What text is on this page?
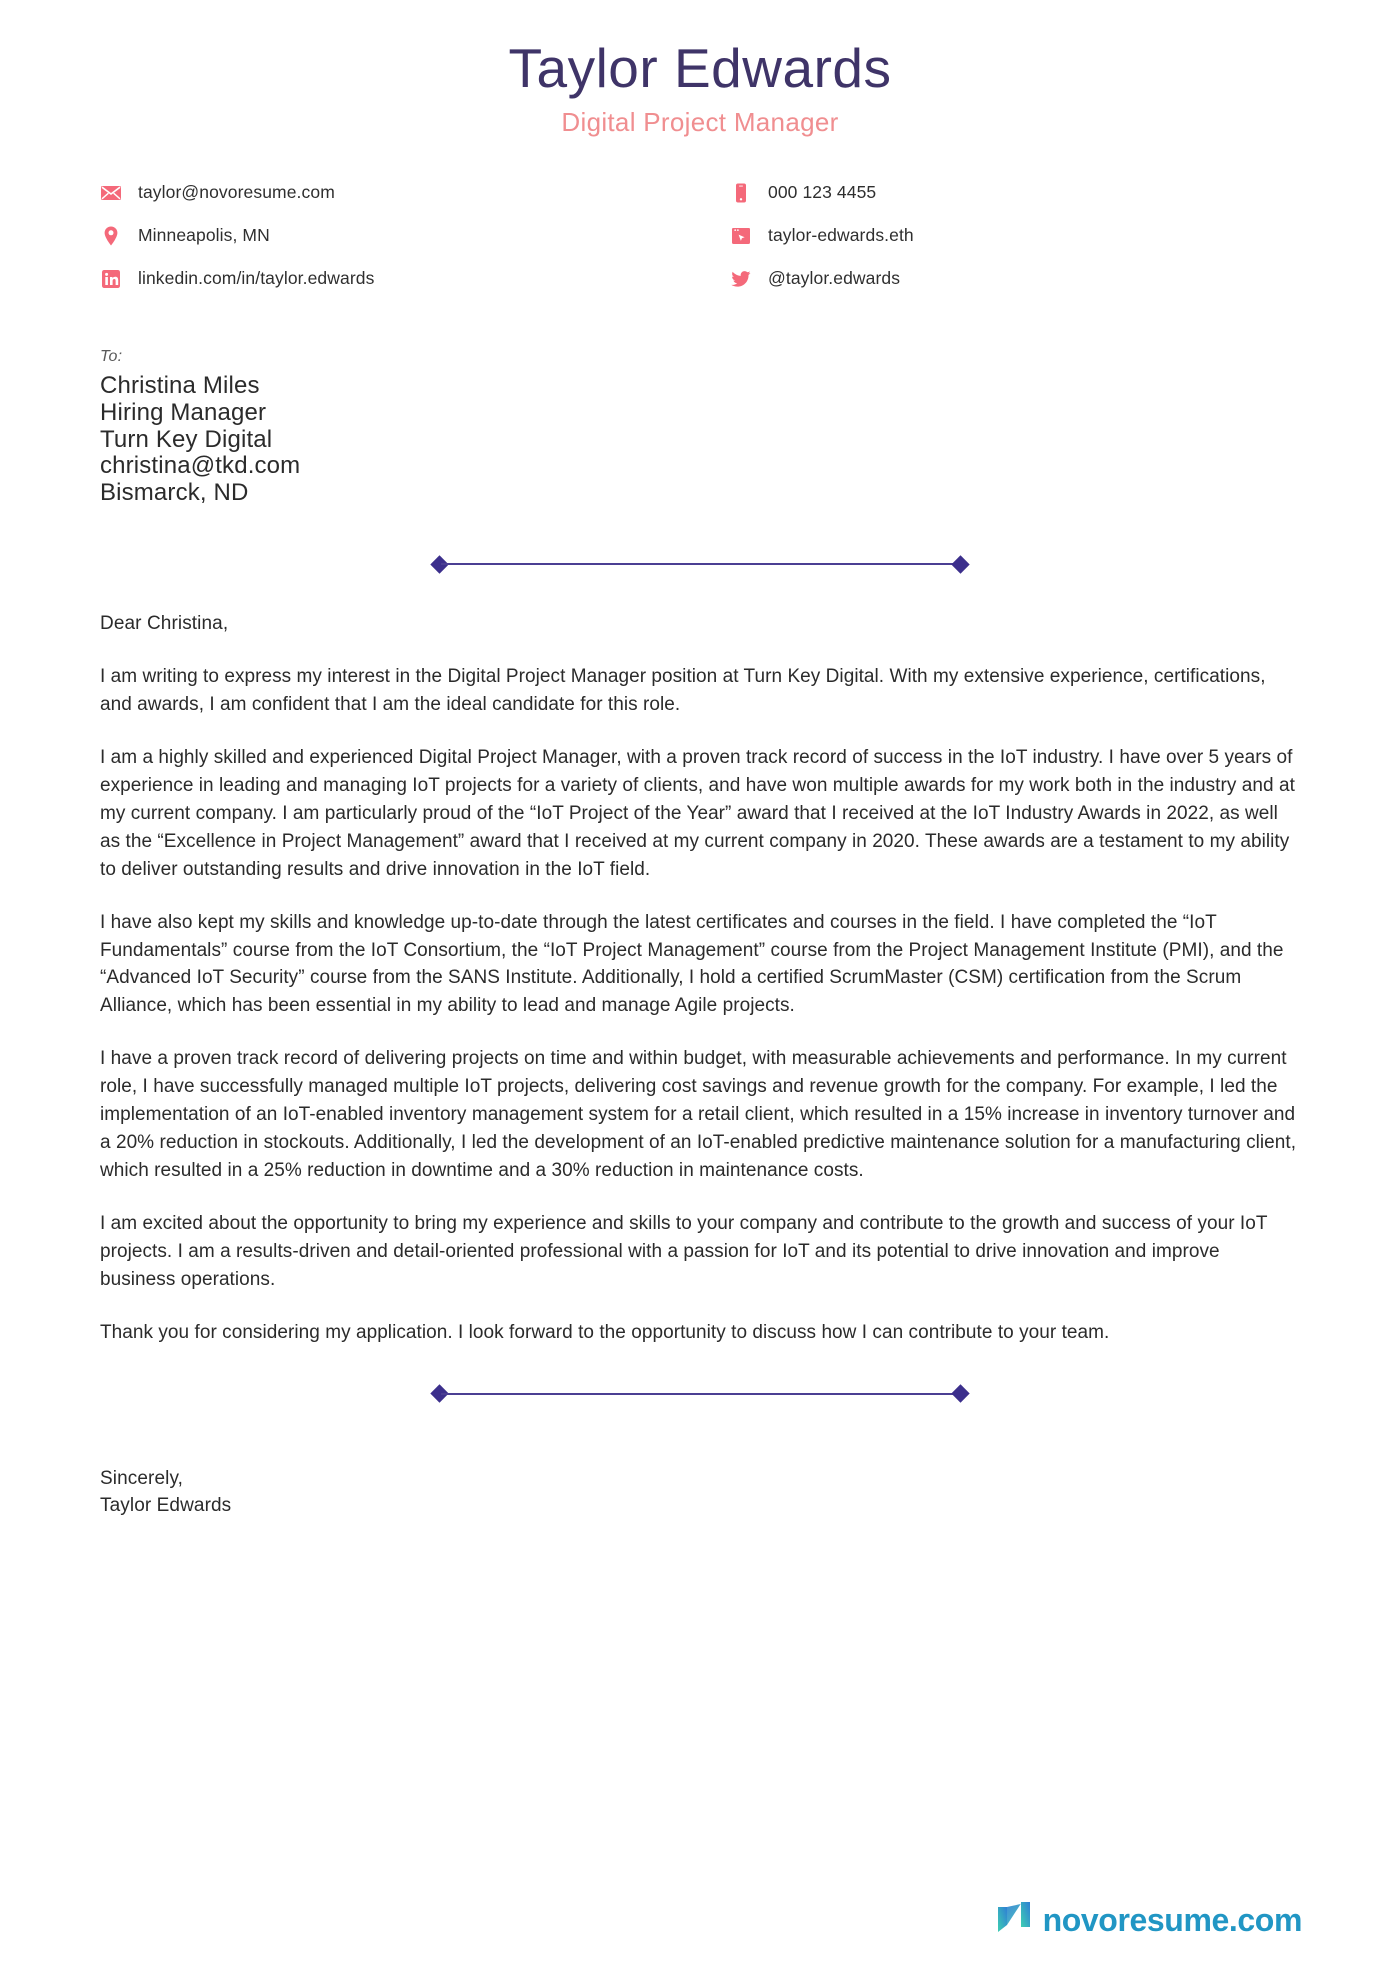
Taylor Edwards
Digital Project Manager
taylor@novoresume.com	000 123 4455
Minneapolis, MN	taylor-edwards.eth
linkedin.com/in/taylor.edwards	@taylor.edwards
To:
Christina Miles
Hiring Manager
Turn Key Digital
christina@tkd.com
Bismarck, ND
Dear Christina,

I am writing to express my interest in the Digital Project Manager position at Turn Key Digital. With my extensive experience, certifications, and awards, I am confident that I am the ideal candidate for this role.

I am a highly skilled and experienced Digital Project Manager, with a proven track record of success in the IoT industry. I have over 5 years of experience in leading and managing IoT projects for a variety of clients, and have won multiple awards for my work both in the industry and at my current company. I am particularly proud of the “IoT Project of the Year” award that I received at the IoT Industry Awards in 2022, as well as the “Excellence in Project Management” award that I received at my current company in 2020. These awards are a testament to my ability to deliver outstanding results and drive innovation in the IoT field.

I have also kept my skills and knowledge up-to-date through the latest certificates and courses in the field. I have completed the “IoT Fundamentals” course from the IoT Consortium, the “IoT Project Management” course from the Project Management Institute (PMI), and the “Advanced IoT Security” course from the SANS Institute. Additionally, I hold a certified ScrumMaster (CSM) certification from the Scrum Alliance, which has been essential in my ability to lead and manage Agile projects.

I have a proven track record of delivering projects on time and within budget, with measurable achievements and performance. In my current role, I have successfully managed multiple IoT projects, delivering cost savings and revenue growth for the company. For example, I led the implementation of an IoT-enabled inventory management system for a retail client, which resulted in a 15% increase in inventory turnover and a 20% reduction in stockouts. Additionally, I led the development of an IoT-enabled predictive maintenance solution for a manufacturing client, which resulted in a 25% reduction in downtime and a 30% reduction in maintenance costs.

I am excited about the opportunity to bring my experience and skills to your company and contribute to the growth and success of your IoT projects. I am a results-driven and detail-oriented professional with a passion for IoT and its potential to drive innovation and improve business operations.

Thank you for considering my application. I look forward to the opportunity to discuss how I can contribute to your team.

Sincerely,
Taylor Edwards
novoresume.com
